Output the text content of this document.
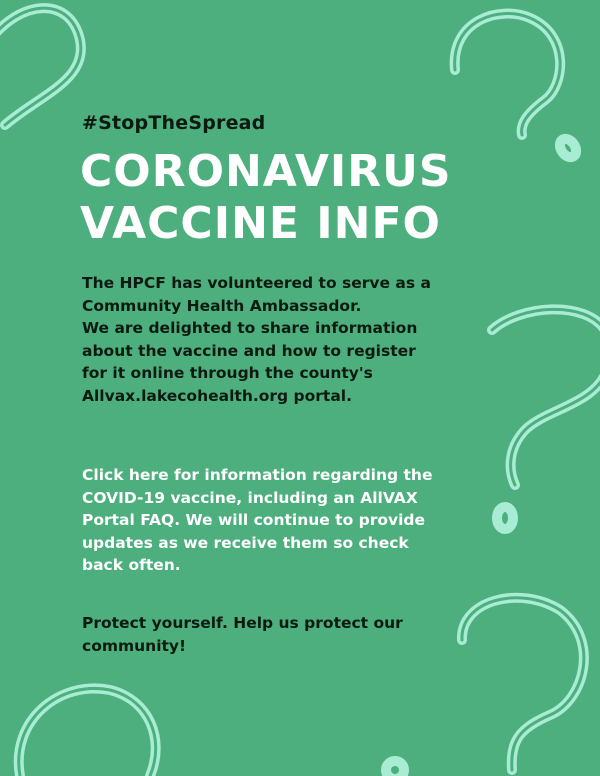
#StopTheSpread
CORONAVIRUS
VACCINE INFO
The HPCF has volunteered to serve as a
Community Health Ambassador.
We are delighted to share information
about the vaccine and how to register
for it online through the county's
Allvax.lakecohealth.org portal.
Click here for information regarding the
COVID-19 vaccine, including an AllVAX
Portal FAQ. We will continue to provide
updates as we receive them so check
back often.
Protect yourself. Help us protect our
community!
